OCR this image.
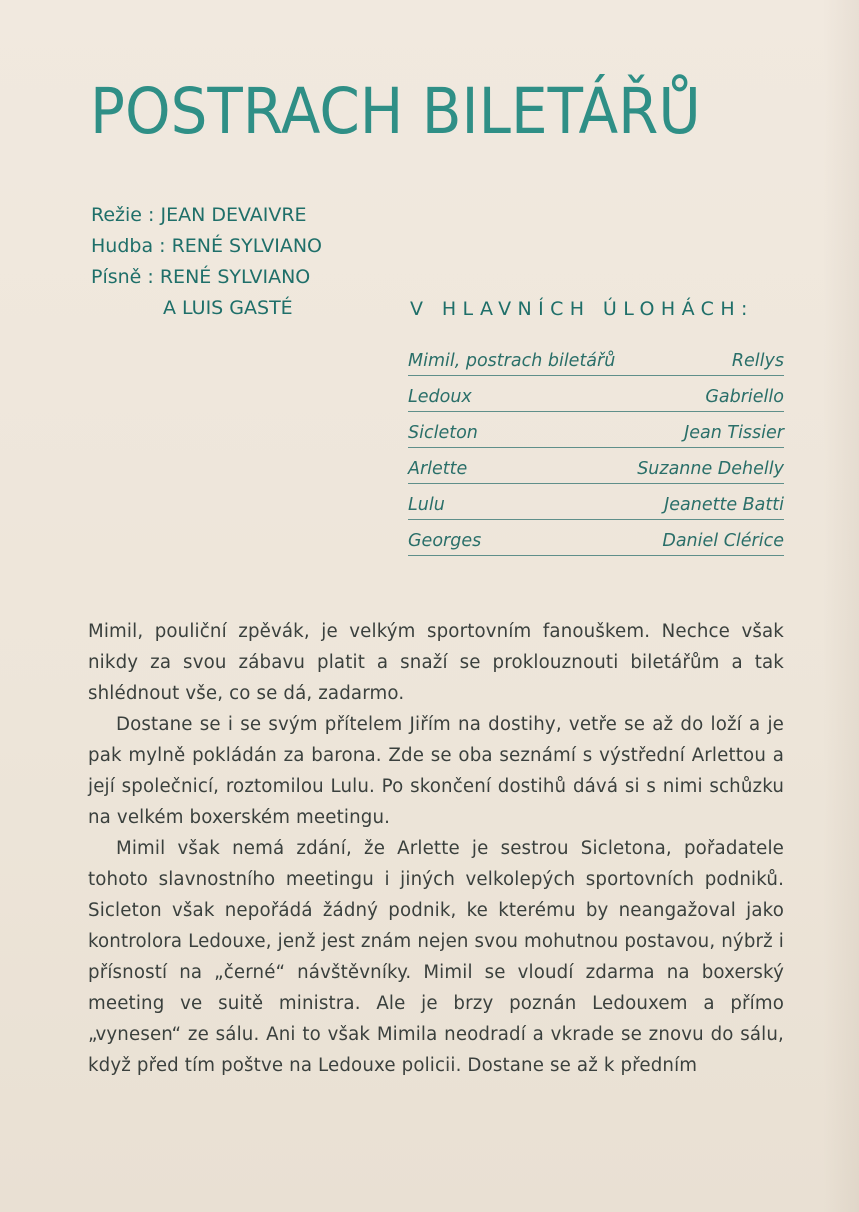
POSTRACH BILETÁŘŮ
Režie : JEAN DEVAIVRE
Hudba : RENÉ SYLVIANO
Písně : RENÉ SYLVIANO
A LUIS GASTÉ	V HLAVNÍCH ÚLOHÁCH:
Mimil, postrach biletářů	Rellys
Ledoux	Gabriello
Sicleton	Jean Tissier
Arlette	Suzanne Dehelly
Lulu	Jeanette Batti
Georges	Daniel Clérice

Mimil, pouliční zpěvák, je velkým sportovním fanouškem. Nechce však nikdy za svou zábavu platit a snaží se proklouznouti biletářům a tak shlédnout vše, co se dá, zadarmo.

Dostane se i se svým přítelem Jiřím na dostihy, vetře se až do loží a je pak mylně pokládán za barona. Zde se oba seznámí s výstřední Arlettou a její společnicí, roztomilou Lulu. Po skončení dostihů dává si s nimi schůzku na velkém boxerském meetingu.

Mimil však nemá zdání, že Arlette je sestrou Sicletona, pořadatele tohoto slavnostního meetingu i jiných velkolepých sportovních podniků. Sicleton však nepořádá žádný podnik, ke kterému by neangažoval jako kontrolora Ledouxe, jenž jest znám nejen svou mohutnou postavou, nýbrž i přísností na „černé“ návštěvníky. Mimil se vloudí zdarma na boxerský meeting ve suitě ministra. Ale je brzy poznán Ledouxem a přímo „vynesen“ ze sálu. Ani to však Mimila neodradí a vkrade se znovu do sálu, když před tím poštve na Ledouxe policii. Dostane se až k předním
